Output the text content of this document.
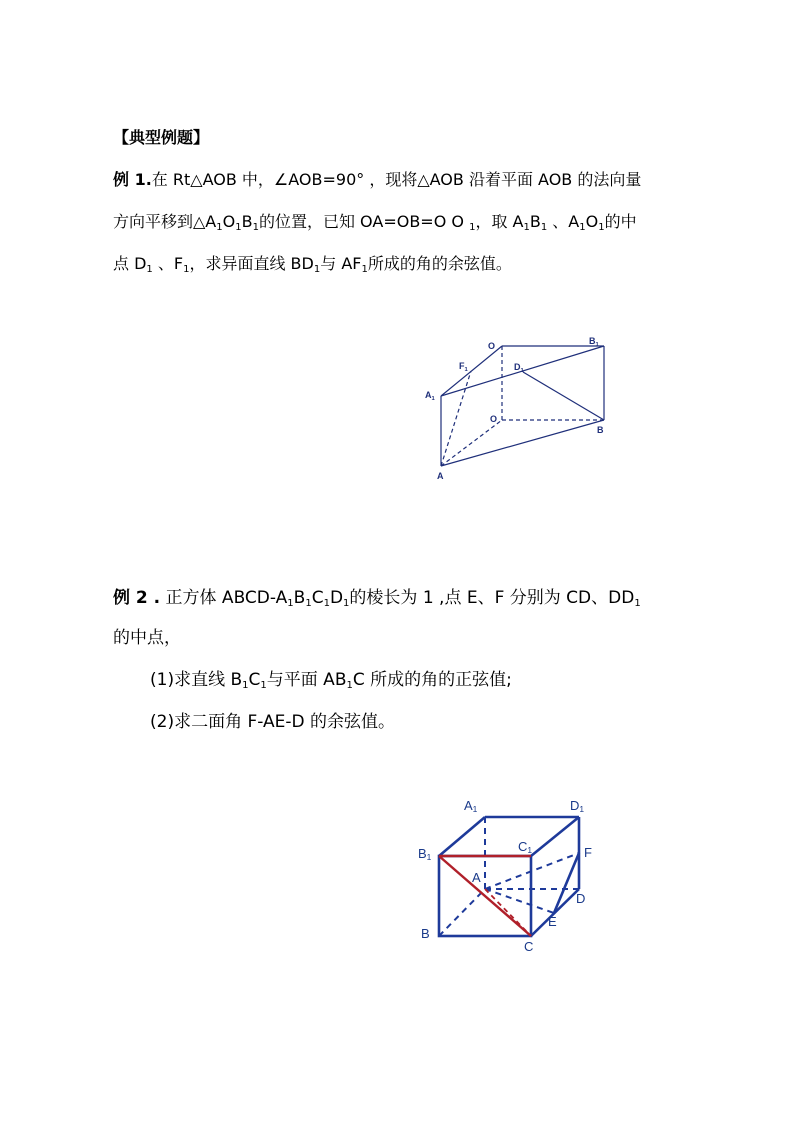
【典型例题】
例 1.在 Rt△AOB 中，∠AOB=90° ，现将△AOB 沿着平面 AOB 的法向量
方向平移到$\triangle A_1O_1B_1$的位置，已知 OA=OB=O O $_1$，取 $A_1B_1$ 、$A_1O_1$的中
点 $D_1$ 、$F_1$，求异面直线 $BD_1$与 $AF_1$所成的角的余弦值。
O	$B_1$
$F_1$	$D_1$
$A_1$
O
B
A
例 2 . 正方体 ABCD-$A_1B_1C_1D_1$的棱长为 1 ,点 E、F 分别为 CD、$DD_1$
的中点，
(1)求直线 $B_1C_1$与平面 $AB_1C$ 所成的角的正弦值;
(2)求二面角 F-AE-D 的余弦值。
A1	D1
B1
C1	F
A
D
E
B
C
